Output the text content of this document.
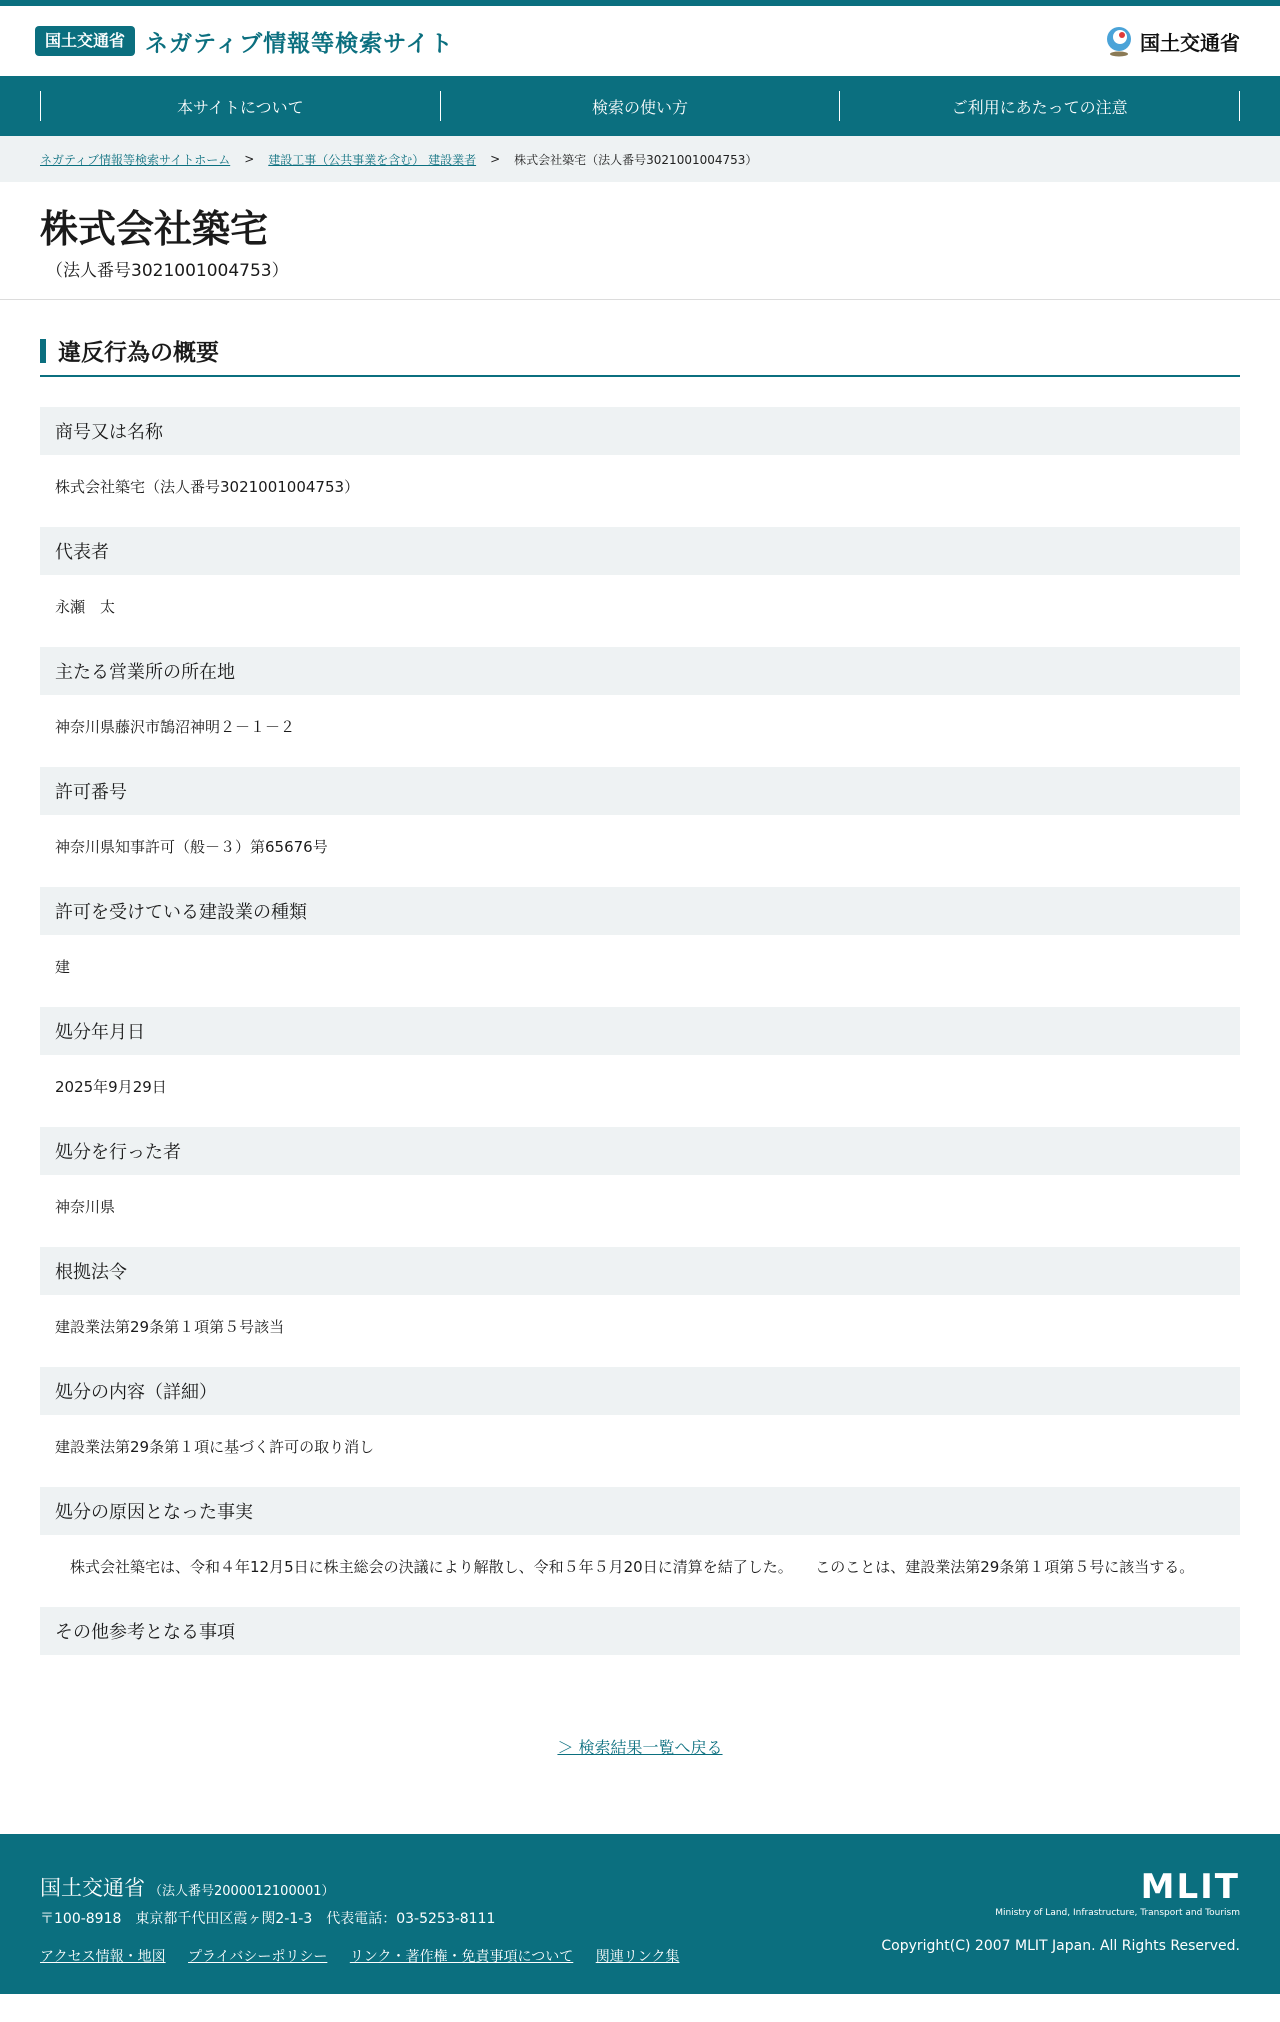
国土交通省 ネガティブ情報等検索サイト	国土交通省
本サイトについて	検索の使い方	ご利用にあたっての注意
ネガティブ情報等検索サイトホーム > 建設工事（公共事業を含む） 建設業者 > 株式会社築宅（法人番号3021001004753）
株式会社築宅
（法人番号3021001004753）
違反行為の概要
商号又は名称
株式会社築宅（法人番号3021001004753）
代表者
永瀬　太
主たる営業所の所在地
神奈川県藤沢市鵠沼神明２－１－２
許可番号
神奈川県知事許可（般－３）第65676号
許可を受けている建設業の種類
建
処分年月日
2025年9月29日
処分を行った者
神奈川県
根拠法令
建設業法第29条第１項第５号該当
処分の内容（詳細）
建設業法第29条第１項に基づく許可の取り消し
処分の原因となった事実
株式会社築宅は、令和４年12月5日に株主総会の決議により解散し、令和５年５月20日に清算を結了した。　　このことは、建設業法第29条第１項第５号に該当する。
その他参考となる事項
＞ 検索結果一覧へ戻る
国土交通省 （法人番号2000012100001）
〒100-8918　東京都千代田区霞ヶ関2-1-3　代表電話：03-5253-8111
アクセス情報・地図 プライバシーポリシー リンク・著作権・免責事項について 関連リンク集
MLIT
Ministry of Land, Infrastructure, Transport and Tourism
Copyright(C) 2007 MLIT Japan. All Rights Reserved.
